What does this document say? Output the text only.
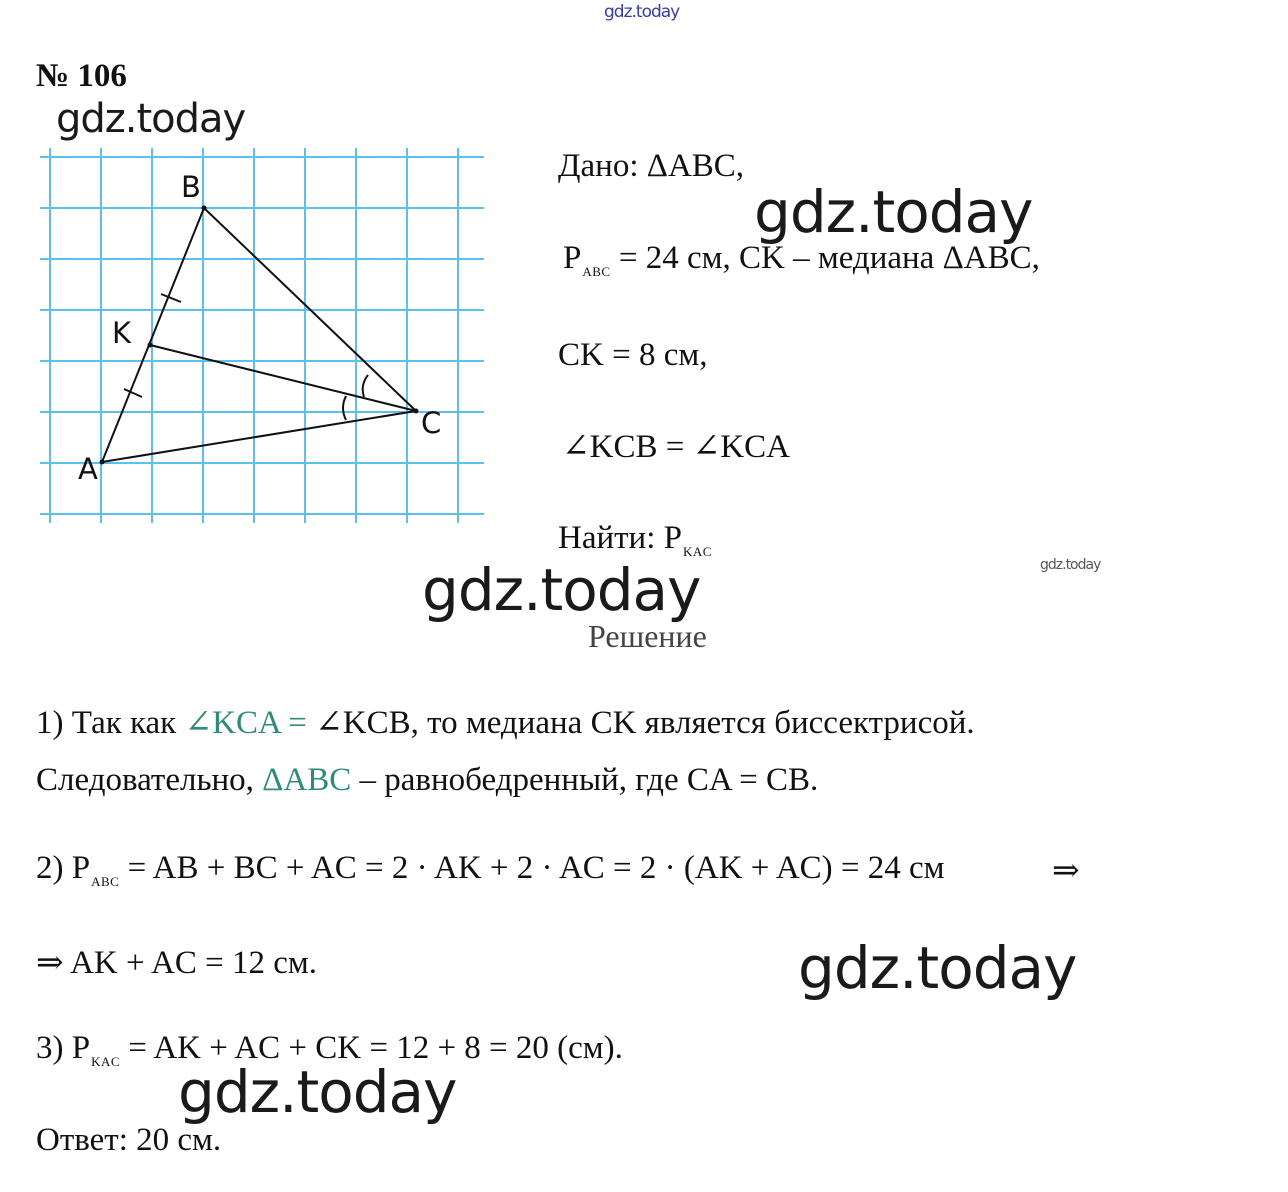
gdz.today
№ 106
gdz.today
B
K
A
C
Дано: ΔABC,
gdz.today
$P_{ABC} = 24$ см, CK – медиана ΔABC,
CK = 8 см,
∠KCB = ∠KCA
Найти: $P_{KAC}$
gdz.today
gdz.today
Решение
1) Так как ∠KCA = ∠KCB, то медиана CK является биссектрисой.
Следовательно, ΔABC – равнобедренный, где CA = CB.
2) $P_{ABC}$ = AB + BC + AC = 2 · AK + 2 · AC = 2 · (AK + AC) = 24 см	⇒
⇒ AK + AC = 12 см.	gdz.today
3) $P_{KAC}$ = AK + AC + CK = 12 + 8 = 20 (см).
gdz.today
Ответ: 20 см.
